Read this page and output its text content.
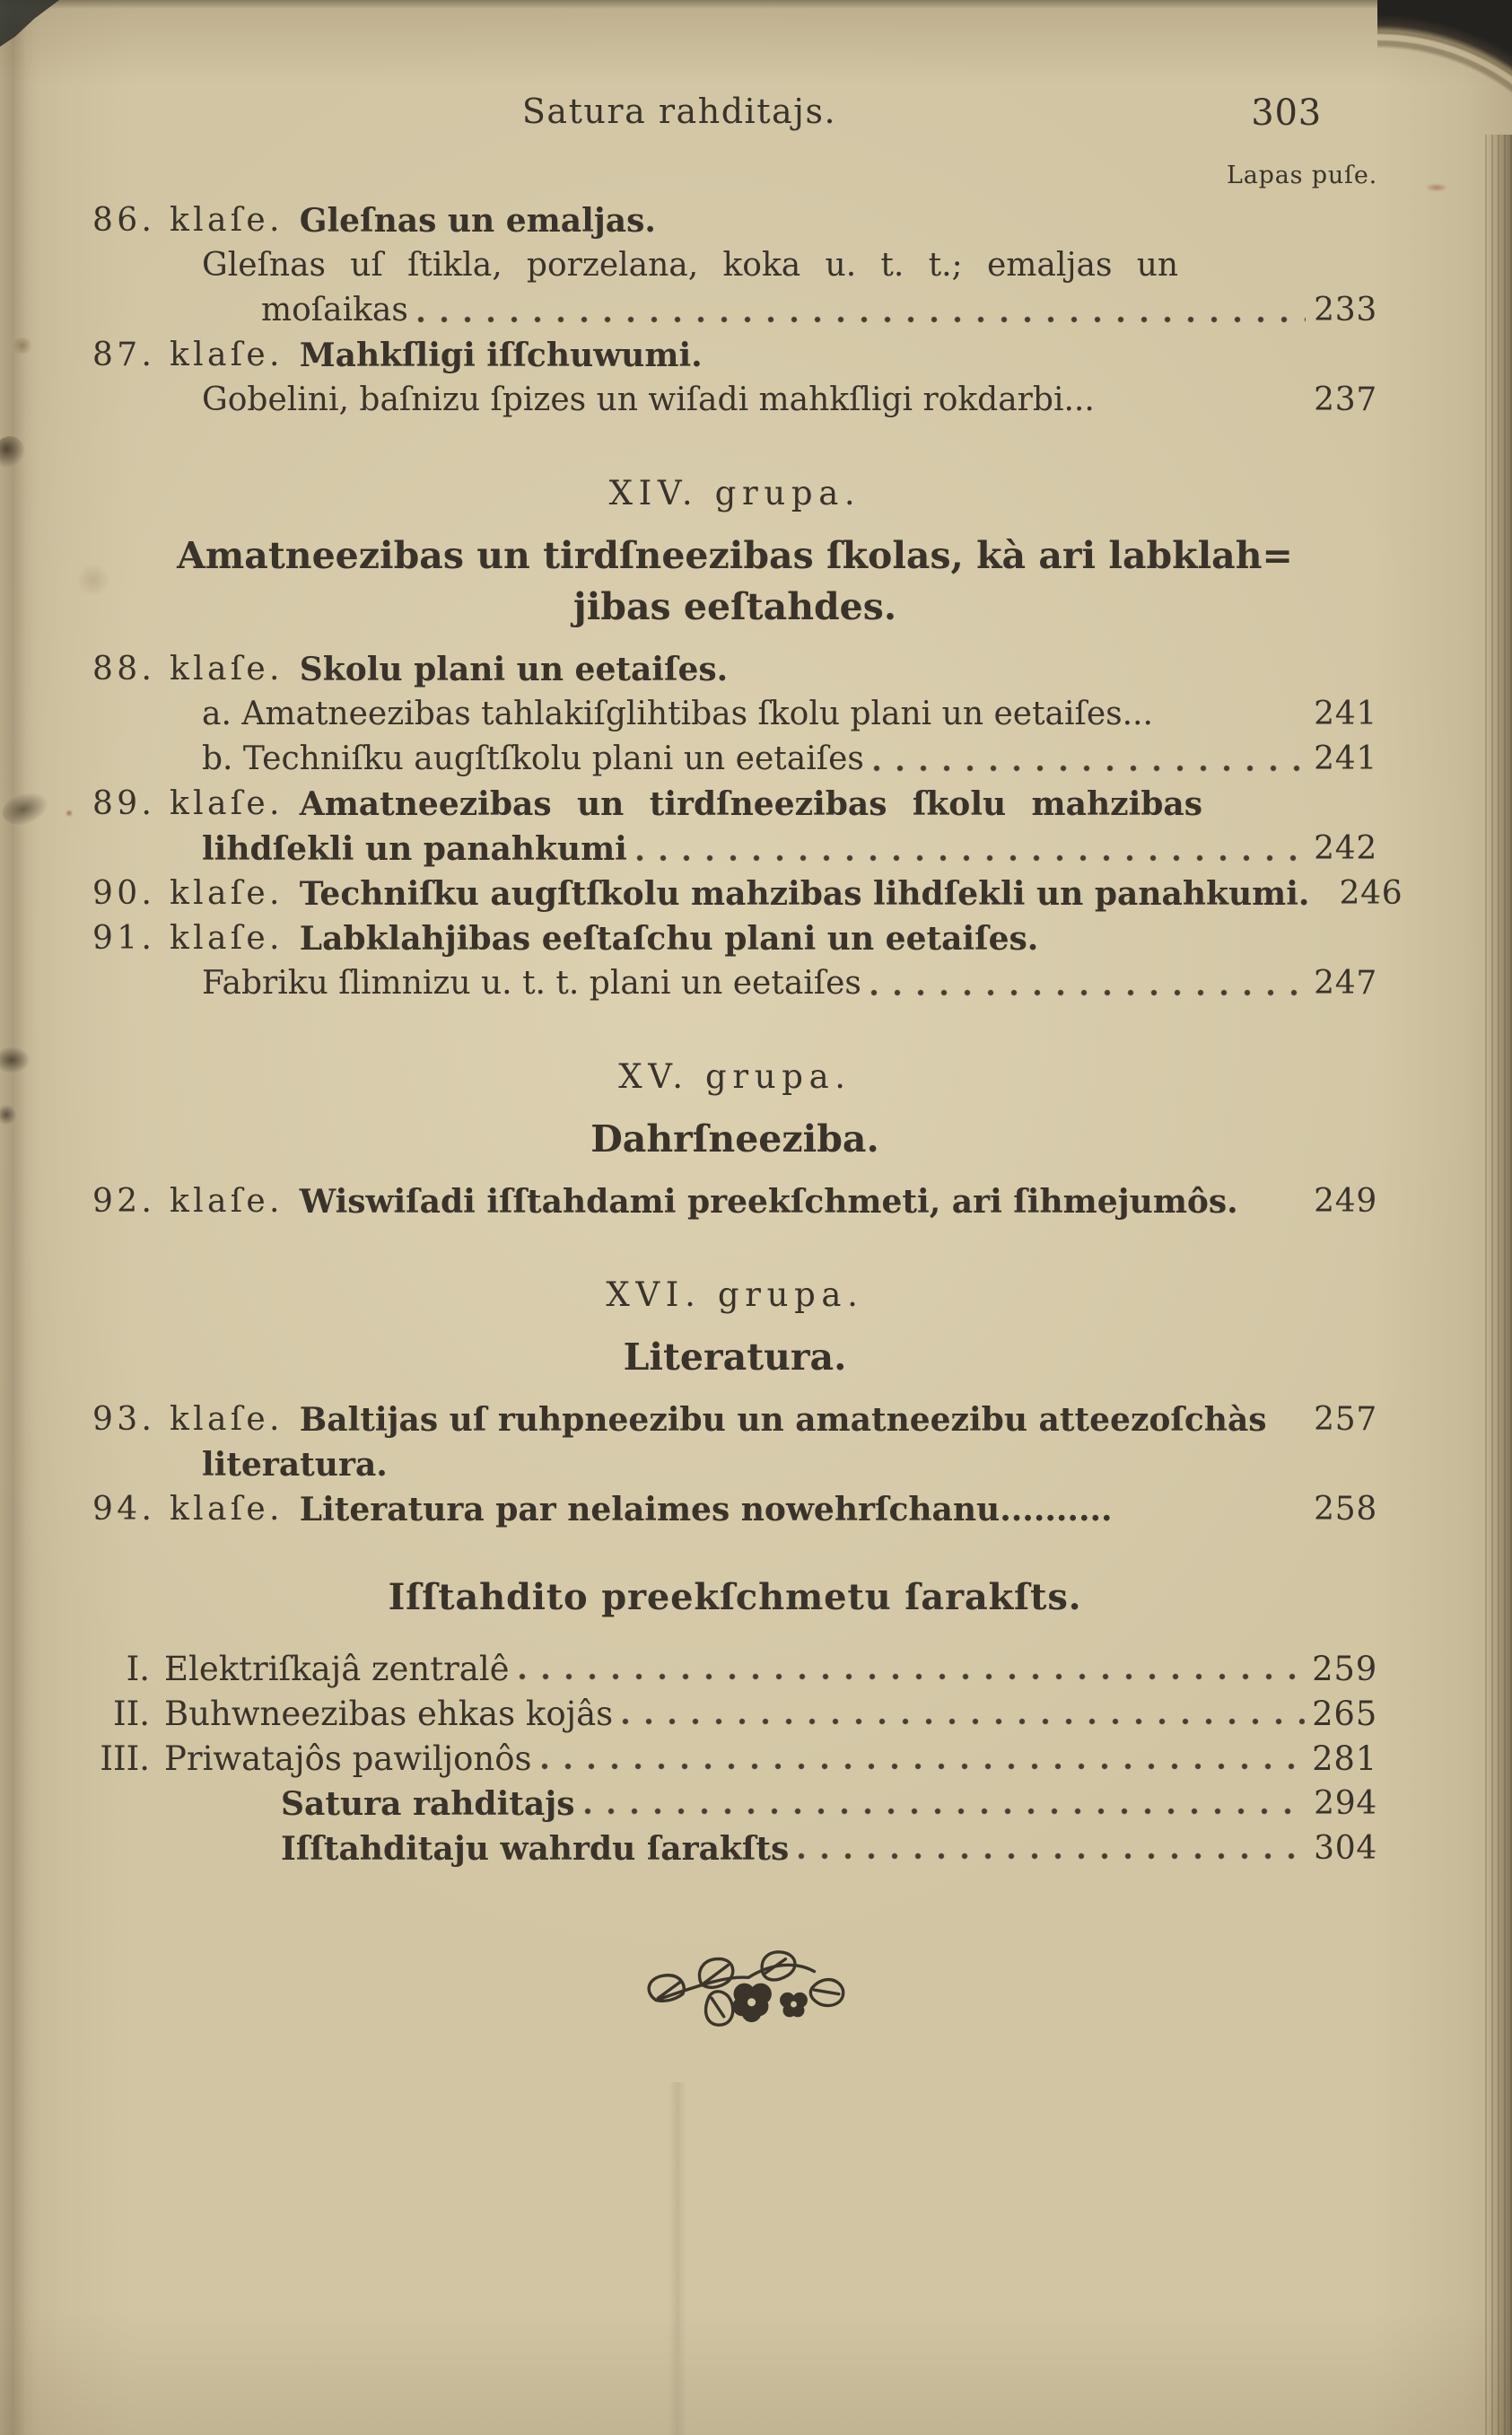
Satura rahditajs.	303
Lapas puſe.
86. klaſe. Gleſnas un emaljas.
Gleſnas uſ ſtikla, porzelana, koka u. t. t.; emaljas un
moſaikas	233
87. klaſe. Mahkſligi iſſchuwumi.
Gobelini, baſnizu ſpizes un wiſadi mahkſligi rokdarbi...	237
XIV. grupa.
Amatneezibas un tirdſneezibas ſkolas, kà ari labklah=
jibas eeſtahdes.
88. klaſe. Skolu plani un eetaiſes.
a. Amatneezibas tahlakiſglihtibas ſkolu plani un eetaiſes...	241
b. Techniſku augſtſkolu plani un eetaiſes	241
89. klaſe. Amatneezibas un tirdſneezibas ſkolu mahzibas
lihdſekli un panahkumi	242
90. klaſe. Techniſku augſtſkolu mahzibas lihdſekli un panahkumi. 246
91. klaſe. Labklahjibas eeſtaſchu plani un eetaiſes.
Fabriku ſlimnizu u. t. t. plani un eetaiſes	247
XV. grupa.
Dahrſneeziba.
92. klaſe. Wiswiſadi iſſtahdami preekſchmeti, ari ſihmejumôs. 249
XVI. grupa.
Literatura.
93. klaſe. Baltijas uſ ruhpneezibu un amatneezibu atteezoſchàs 257
literatura.
94. klaſe. Literatura par nelaimes nowehrſchanu..........	258
Iſſtahdito preekſchmetu ſarakſts.
I. Elektriſkajâ zentralê	259
II. Buhwneezibas ehkas kojâs	265
III. Priwatajôs pawiljonôs	281
Satura rahditajs	294
Iſſtahditaju wahrdu ſarakſts	304
